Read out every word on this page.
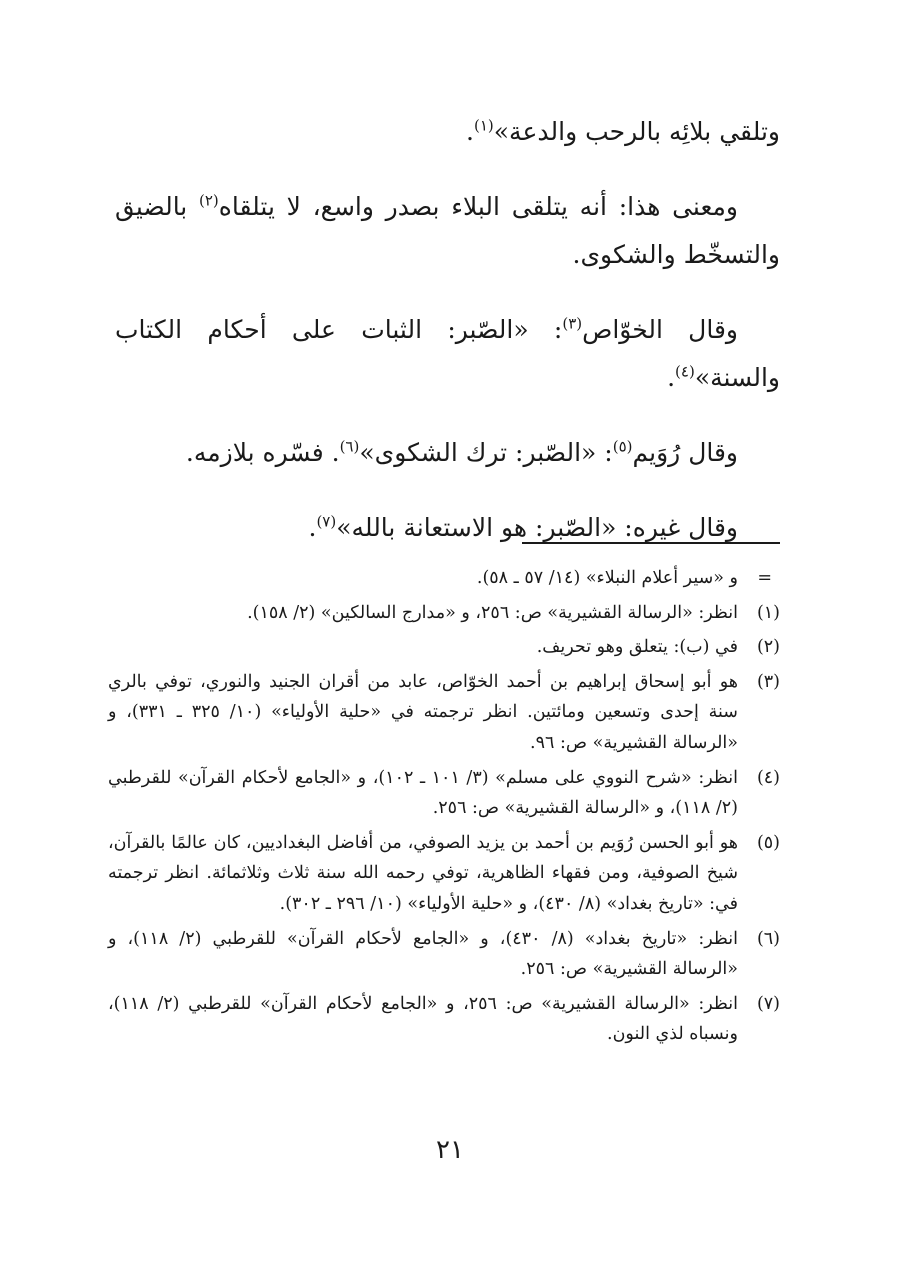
وتلقي بلائِه بالرحب والدعة»$^{(١)}$.

ومعنى هذا: أنه يتلقى البلاء بصدر واسع، لا يتلقاه$^{(٢)}$ بالضيق والتسخّط والشكوى.

وقال الخوّاص$^{(٣)}$: «الصّبر: الثبات على أحكام الكتاب والسنة»$^{(٤)}$.

وقال رُوَيم$^{(٥)}$: «الصّبر: ترك الشكوى»$^{(٦)}$. فسّره بلازمه.

وقال غيره: «الصّبر: هو الاستعانة بالله»$^{(٧)}$.

=
و «سير أعلام النبلاء» (١٤/ ٥٧ ـ ٥٨).
(١)
انظر: «الرسالة القشيرية» ص: ٢٥٦، و «مدارج السالكين» (٢/ ١٥٨).
(٢)
في (ب): يتعلق وهو تحريف.
(٣)
هو أبو إسحاق إبراهيم بن أحمد الخوّاص، عابد من أقران الجنيد والنوري، توفي بالري سنة إحدى وتسعين ومائتين. انظر ترجمته في «حلية الأولياء» (١٠/ ٣٢٥ ـ ٣٣١)، و «الرسالة القشيرية» ص: ٩٦.
(٤)
انظر: «شرح النووي على مسلم» (٣/ ١٠١ ـ ١٠٢)، و «الجامع لأحكام القرآن» للقرطبي (٢/ ١١٨)، و «الرسالة القشيرية» ص: ٢٥٦.
(٥)
هو أبو الحسن رُوَيم بن أحمد بن يزيد الصوفي، من أفاضل البغداديين، كان عالمًا بالقرآن، شيخ الصوفية، ومن فقهاء الظاهرية، توفي رحمه الله سنة ثلاث وثلاثمائة. انظر ترجمته في: «تاريخ بغداد» (٨/ ٤٣٠)، و «حلية الأولياء» (١٠/ ٢٩٦ ـ ٣٠٢).
(٦)
انظر: «تاريخ بغداد» (٨/ ٤٣٠)، و «الجامع لأحكام القرآن» للقرطبي (٢/ ١١٨)، و «الرسالة القشيرية» ص: ٢٥٦.
(٧)
انظر: «الرسالة القشيرية» ص: ٢٥٦، و «الجامع لأحكام القرآن» للقرطبي (٢/ ١١٨)، ونسباه لذي النون.
٢١
